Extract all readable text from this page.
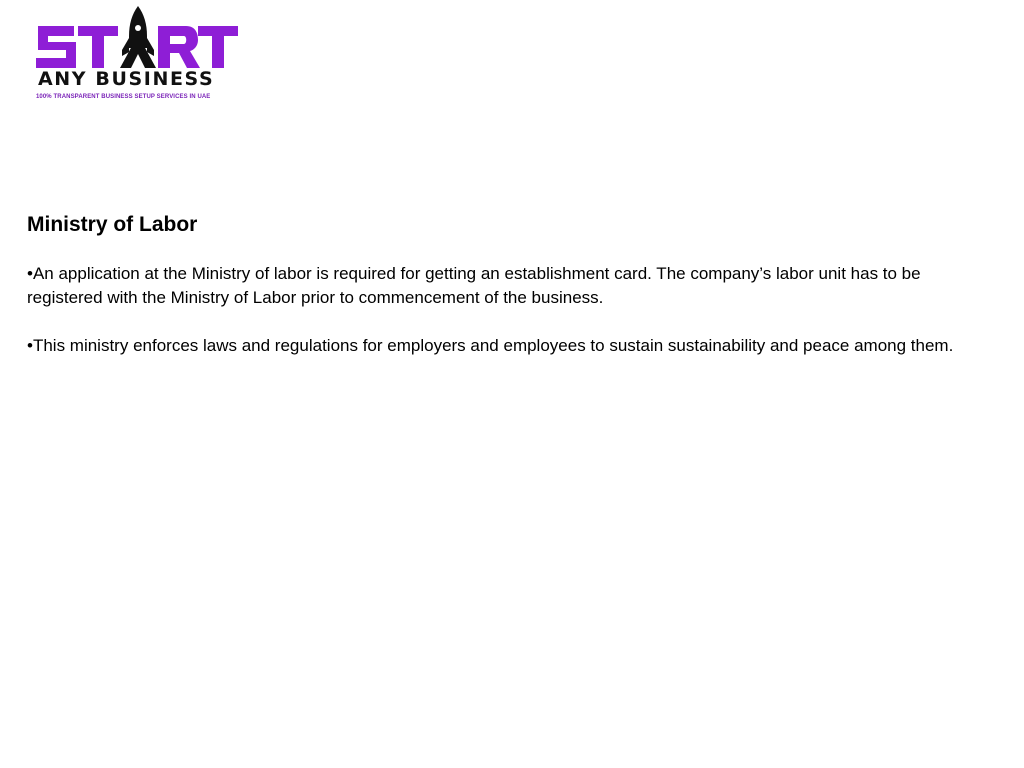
ANY BUSINESS
100% TRANSPARENT BUSINESS SETUP SERVICES IN UAE
Ministry of Labor

•An application at the Ministry of labor is required for getting an establishment card. The company’s labor unit has to be registered with the Ministry of Labor prior to commencement of the business.

•This ministry enforces laws and regulations for employers and employees to sustain sustainability and peace among them.
